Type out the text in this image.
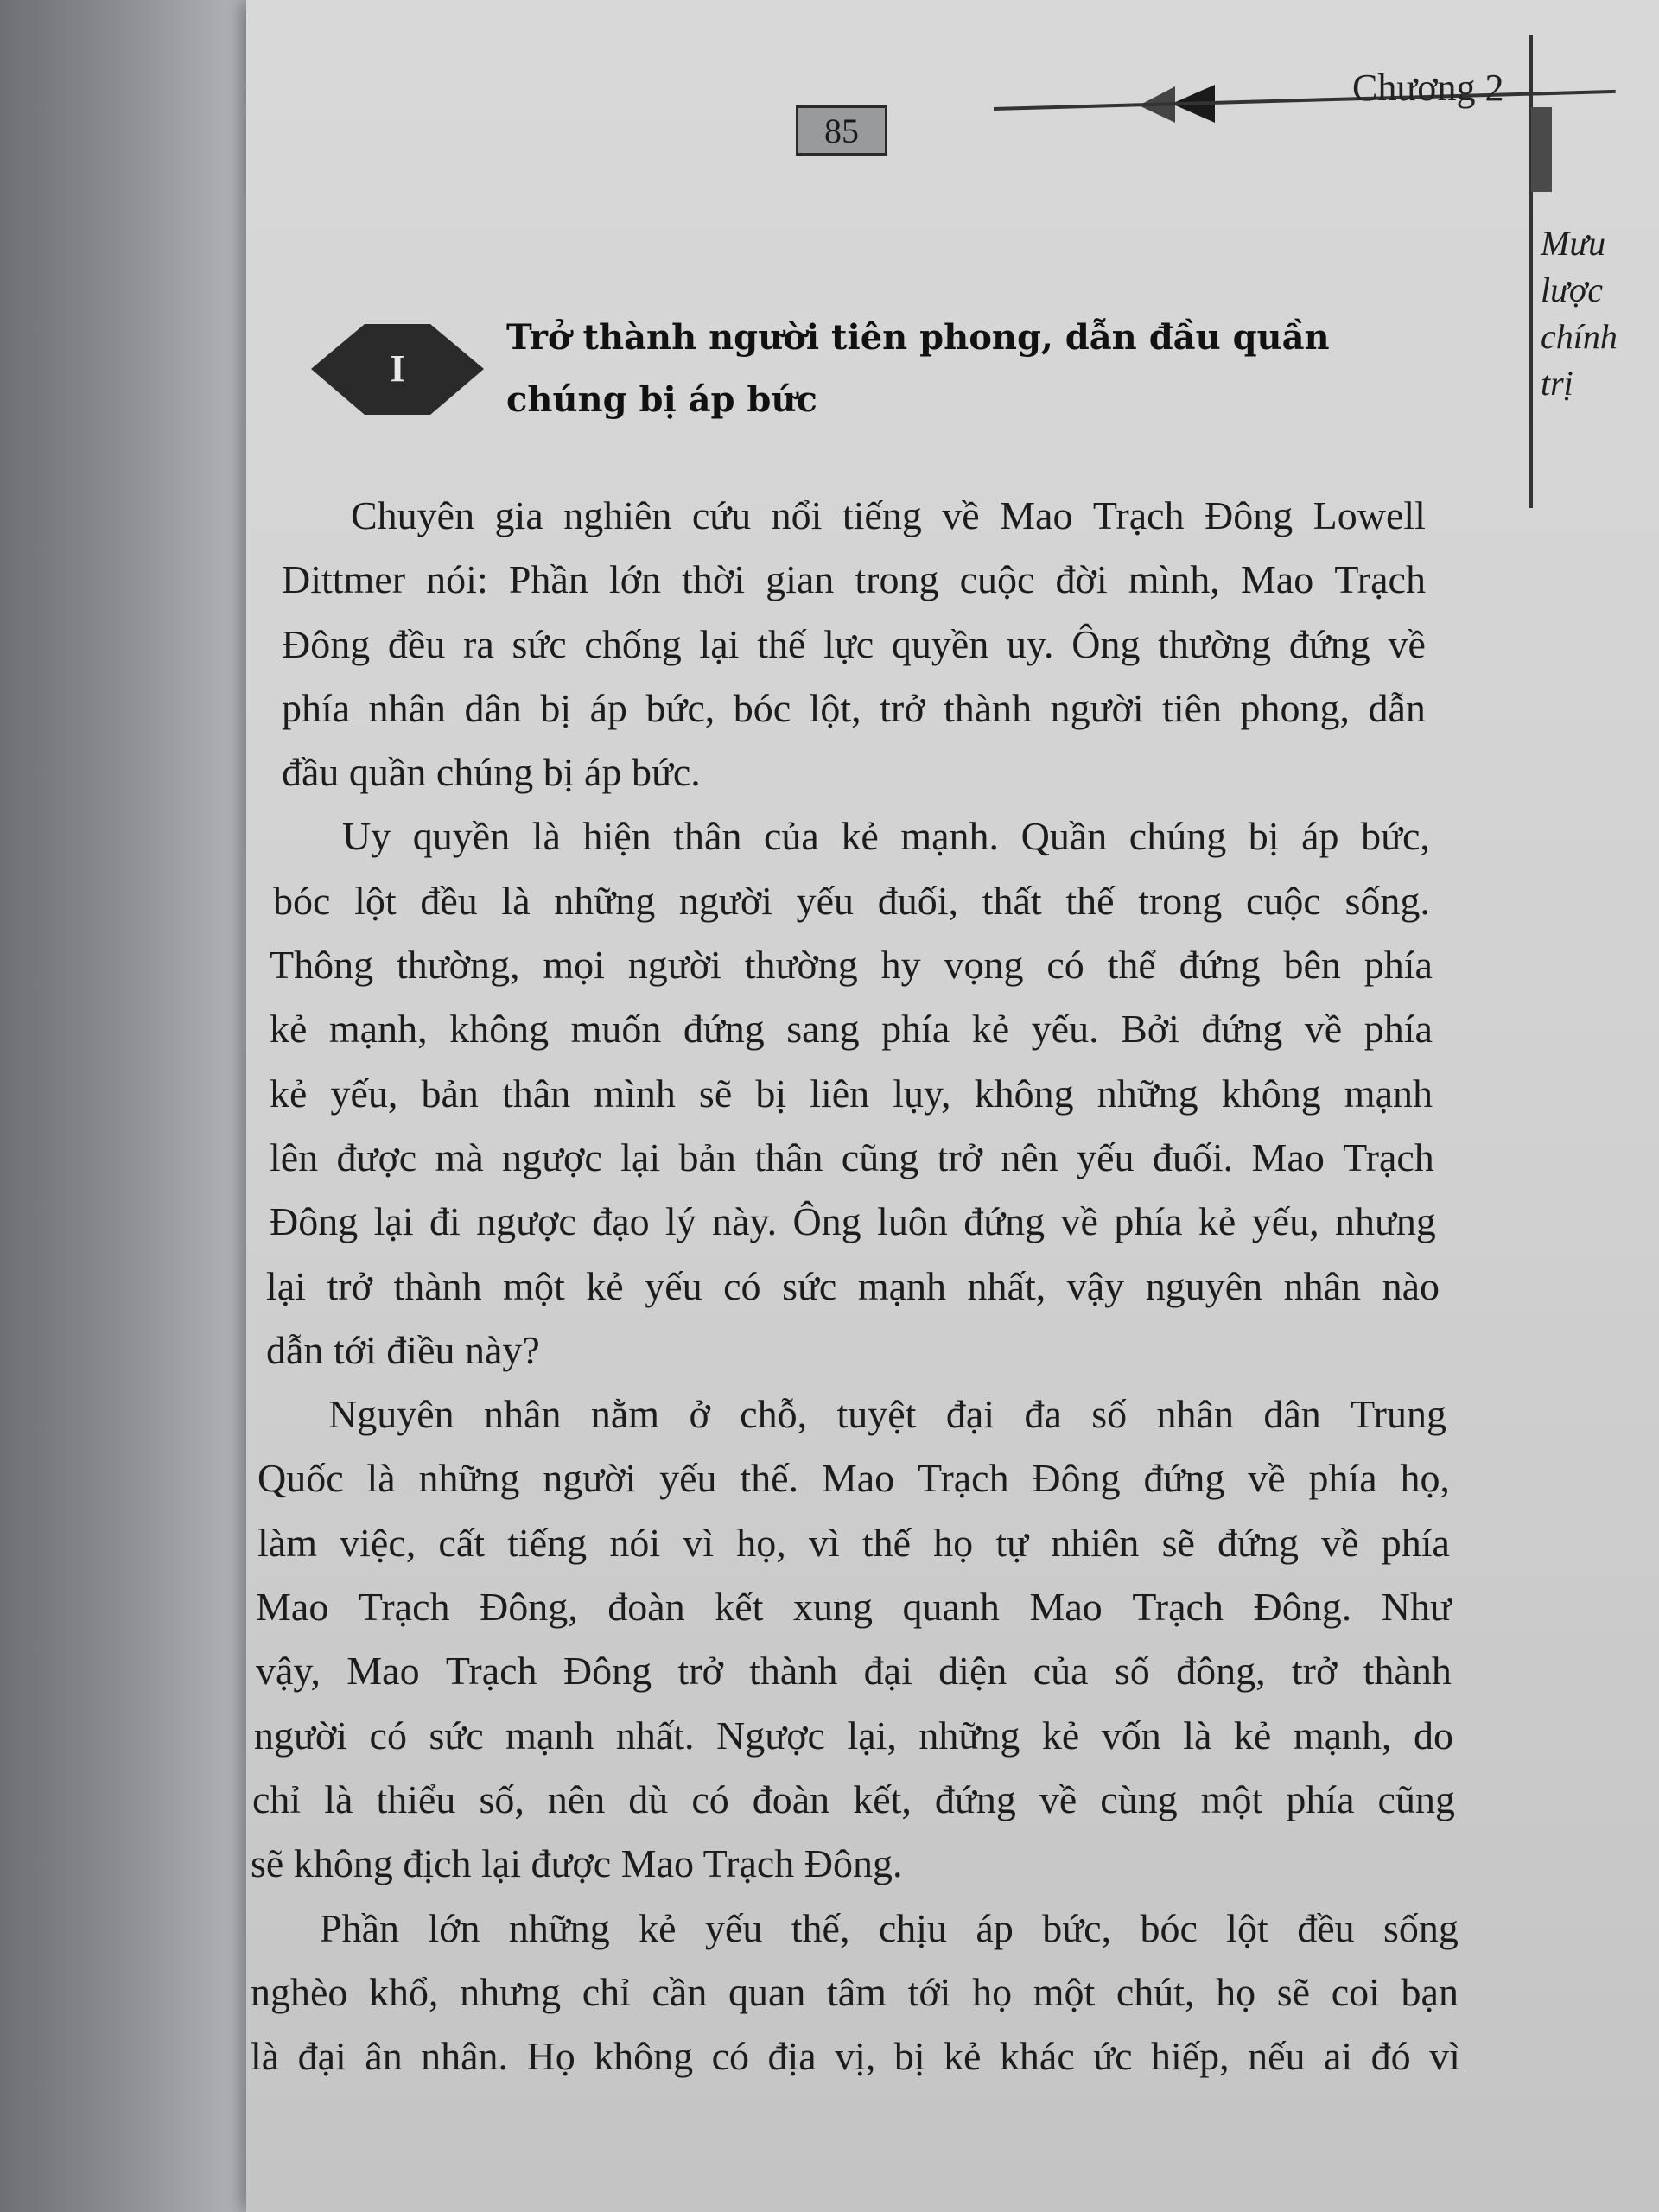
85
Chương 2
Mưu
lược
chính
trị
I
Trở thành người tiên phong, dẫn đầu quần
chúng bị áp bức
Chuyên gia nghiên cứu nổi tiếng về Mao Trạch Đông Lowell
Dittmer nói: Phần lớn thời gian trong cuộc đời mình, Mao Trạch
Đông đều ra sức chống lại thế lực quyền uy. Ông thường đứng về
phía nhân dân bị áp bức, bóc lột, trở thành người tiên phong, dẫn
đầu quần chúng bị áp bức.
Uy quyền là hiện thân của kẻ mạnh. Quần chúng bị áp bức,
bóc lột đều là những người yếu đuối, thất thế trong cuộc sống.
Thông thường, mọi người thường hy vọng có thể đứng bên phía
kẻ mạnh, không muốn đứng sang phía kẻ yếu. Bởi đứng về phía
kẻ yếu, bản thân mình sẽ bị liên lụy, không những không mạnh
lên được mà ngược lại bản thân cũng trở nên yếu đuối. Mao Trạch
Đông lại đi ngược đạo lý này. Ông luôn đứng về phía kẻ yếu, nhưng
lại trở thành một kẻ yếu có sức mạnh nhất, vậy nguyên nhân nào
dẫn tới điều này?
Nguyên nhân nằm ở chỗ, tuyệt đại đa số nhân dân Trung
Quốc là những người yếu thế. Mao Trạch Đông đứng về phía họ,
làm việc, cất tiếng nói vì họ, vì thế họ tự nhiên sẽ đứng về phía
Mao Trạch Đông, đoàn kết xung quanh Mao Trạch Đông. Như
vậy, Mao Trạch Đông trở thành đại diện của số đông, trở thành
người có sức mạnh nhất. Ngược lại, những kẻ vốn là kẻ mạnh, do
chỉ là thiểu số, nên dù có đoàn kết, đứng về cùng một phía cũng
sẽ không địch lại được Mao Trạch Đông.
Phần lớn những kẻ yếu thế, chịu áp bức, bóc lột đều sống
nghèo khổ, nhưng chỉ cần quan tâm tới họ một chút, họ sẽ coi bạn
là đại ân nhân. Họ không có địa vị, bị kẻ khác ức hiếp, nếu ai đó vì
